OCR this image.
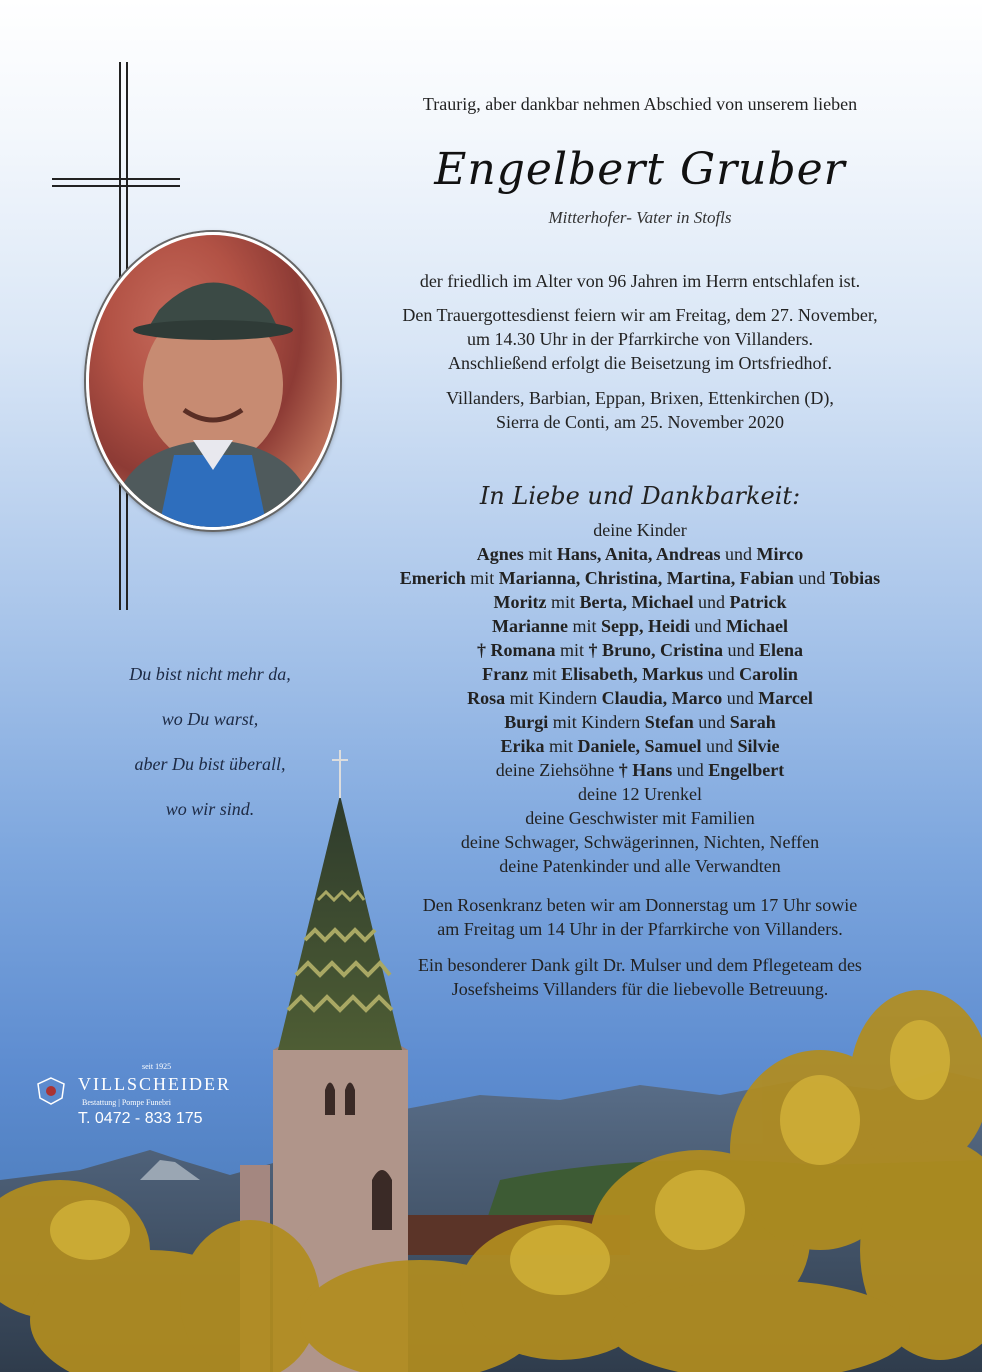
Traurig, aber dankbar nehmen Abschied von unserem lieben
Engelbert Gruber
Mitterhofer- Vater in Stofls
der friedlich im Alter von 96 Jahren im Herrn entschlafen ist.
Den Trauergottesdienst feiern wir am Freitag, dem 27. November,
um 14.30 Uhr in der Pfarrkirche von Villanders.
Anschließend erfolgt die Beisetzung im Ortsfriedhof.
Villanders, Barbian, Eppan, Brixen, Ettenkirchen (D),
Sierra de Conti, am 25. November 2020
In Liebe und Dankbarkeit:
deine Kinder
Agnes mit Hans, Anita, Andreas und Mirco
Emerich mit Marianna, Christina, Martina, Fabian und Tobias
Moritz mit Berta, Michael und Patrick
Marianne mit Sepp, Heidi und Michael
† Romana mit † Bruno, Cristina und Elena
Franz mit Elisabeth, Markus und Carolin
Rosa mit Kindern Claudia, Marco und Marcel
Burgi mit Kindern Stefan und Sarah
Erika mit Daniele, Samuel und Silvie
deine Ziehsöhne † Hans und Engelbert
deine 12 Urenkel
deine Geschwister mit Familien
deine Schwager, Schwägerinnen, Nichten, Neffen
deine Patenkinder und alle Verwandten
Den Rosenkranz beten wir am Donnerstag um 17 Uhr sowie
am Freitag um 14 Uhr in der Pfarrkirche von Villanders.
Ein besonderer Dank gilt Dr. Mulser und dem Pflegeteam des
Josefsheims Villanders für die liebevolle Betreuung.
Du bist nicht mehr da,
wo Du warst,
aber Du bist überall,
wo wir sind.
seit 1925
VILLSCHEIDER
Bestattung | Pompe Funebri
T. 0472 - 833 175
